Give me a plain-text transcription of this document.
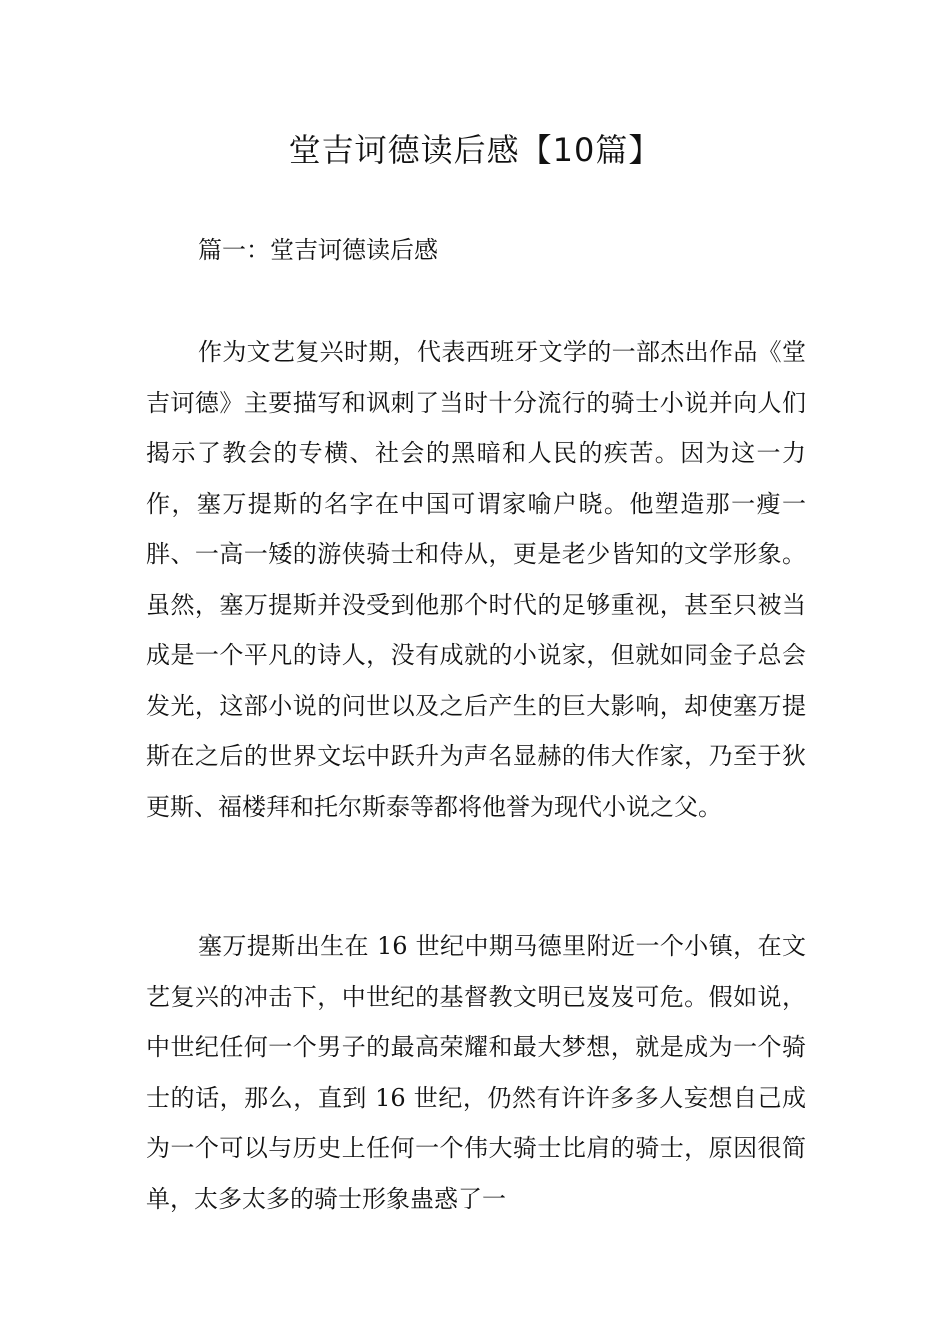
堂吉诃德读后感【10篇】

篇一：堂吉诃德读后感

作为文艺复兴时期，代表西班牙文学的一部杰出作品《堂吉诃德》主要描写和讽刺了当时十分流行的骑士小说并向人们揭示了教会的专横、社会的黑暗和人民的疾苦。因为这一力作，塞万提斯的名字在中国可谓家喻户晓。他塑造那一瘦一胖、一高一矮的游侠骑士和侍从，更是老少皆知的文学形象。虽然，塞万提斯并没受到他那个时代的足够重视，甚至只被当成是一个平凡的诗人，没有成就的小说家，但就如同金子总会发光，这部小说的问世以及之后产生的巨大影响，却使塞万提斯在之后的世界文坛中跃升为声名显赫的伟大作家，乃至于狄更斯、福楼拜和托尔斯泰等都将他誉为现代小说之父。

塞万提斯出生在 16 世纪中期马德里附近一个小镇，在文艺复兴的冲击下，中世纪的基督教文明已岌岌可危。假如说，中世纪任何一个男子的最高荣耀和最大梦想，就是成为一个骑士的话，那么，直到 16 世纪，仍然有许许多多人妄想自己成为一个可以与历史上任何一个伟大骑士比肩的骑士，原因很简单，太多太多的骑士形象蛊惑了一
